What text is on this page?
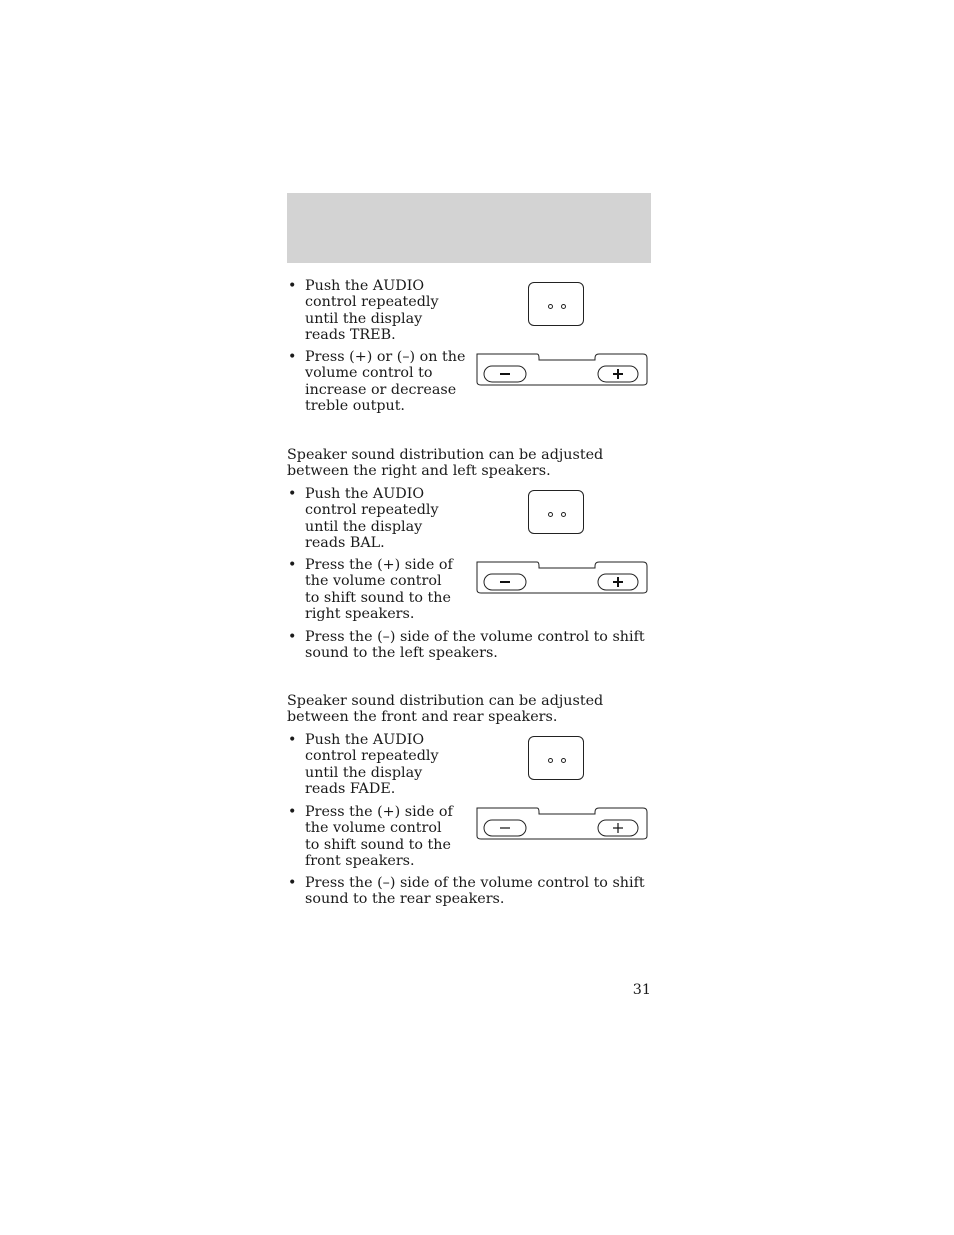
• Push the AUDIO control repeatedly until the display reads TREB.

• Press (+) or (–) on the volume control to increase or decrease treble output.

Speaker sound distribution can be adjusted between the right and left speakers.

• Push the AUDIO control repeatedly until the display reads BAL.

• Press the (+) side of the volume control to shift sound to the right speakers.

• Press the (–) side of the volume control to shift sound to the left speakers.

Speaker sound distribution can be adjusted between the front and rear speakers.

• Push the AUDIO control repeatedly until the display reads FADE.

• Press the (+) side of the volume control to shift sound to the front speakers.

• Press the (–) side of the volume control to shift sound to the rear speakers.

31
